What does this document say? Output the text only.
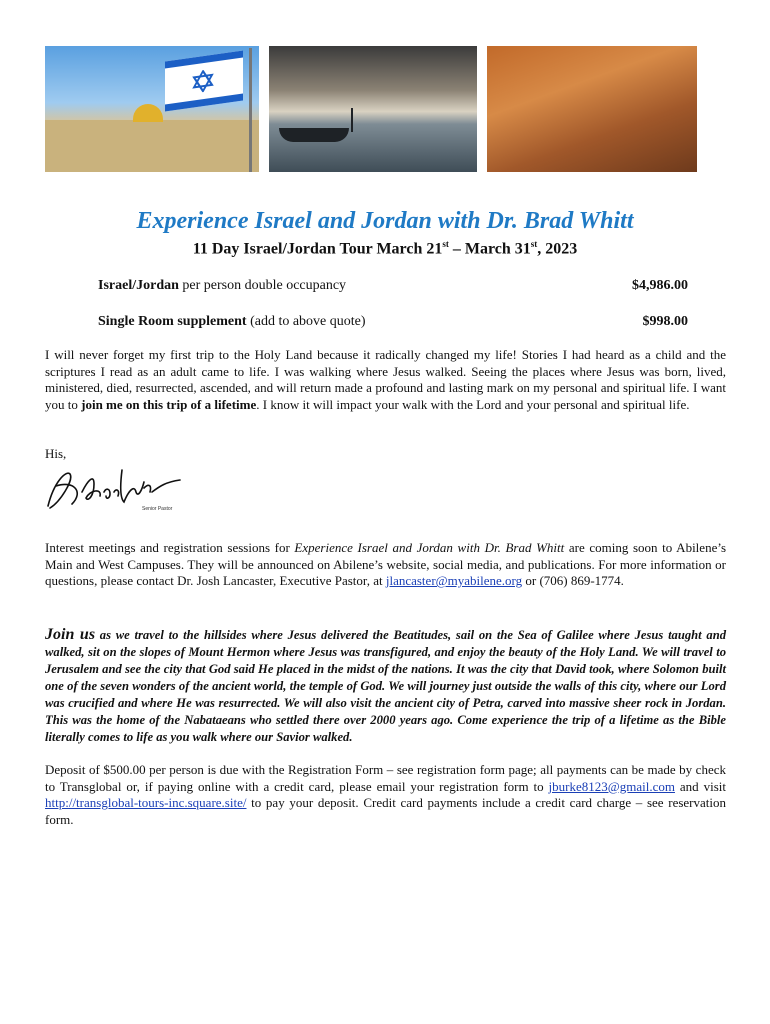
Experience Israel and Jordan with Dr. Brad Whitt
11 Day Israel/Jordan Tour March 21st – March 31st, 2023
Israel/Jordan per person double occupancy	$4,986.00
Single Room supplement (add to above quote)	$998.00

I will never forget my first trip to the Holy Land because it radically changed my life! Stories I had heard as a child and the scriptures I read as an adult came to life. I was walking where Jesus walked. Seeing the places where Jesus was born, lived, ministered, died, resurrected, ascended, and will return made a profound and lasting mark on my personal and spiritual life. I want you to join me on this trip of a lifetime. I know it will impact your walk with the Lord and your personal and spiritual life.

His,

Senior Pastor

Interest meetings and registration sessions for Experience Israel and Jordan with Dr. Brad Whitt are coming soon to Abilene’s Main and West Campuses. They will be announced on Abilene’s website, social media, and publications. For more information or questions, please contact Dr. Josh Lancaster, Executive Pastor, at jlancaster@myabilene.org or (706) 869-1774.

Join us as we travel to the hillsides where Jesus delivered the Beatitudes, sail on the Sea of Galilee where Jesus taught and walked, sit on the slopes of Mount Hermon where Jesus was transfigured, and enjoy the beauty of the Holy Land. We will travel to Jerusalem and see the city that God said He placed in the midst of the nations. It was the city that David took, where Solomon built one of the seven wonders of the ancient world, the temple of God. We will journey just outside the walls of this city, where our Lord was crucified and where He was resurrected. We will also visit the ancient city of Petra, carved into massive sheer rock in Jordan. This was the home of the Nabataeans who settled there over 2000 years ago. Come experience the trip of a lifetime as the Bible literally comes to life as you walk where our Savior walked.

Deposit of $500.00 per person is due with the Registration Form – see registration form page; all payments can be made by check to Transglobal or, if paying online with a credit card, please email your registration form to jburke8123@gmail.com and visit http://transglobal-tours-inc.square.site/ to pay your deposit. Credit card payments include a credit card charge – see reservation form.
